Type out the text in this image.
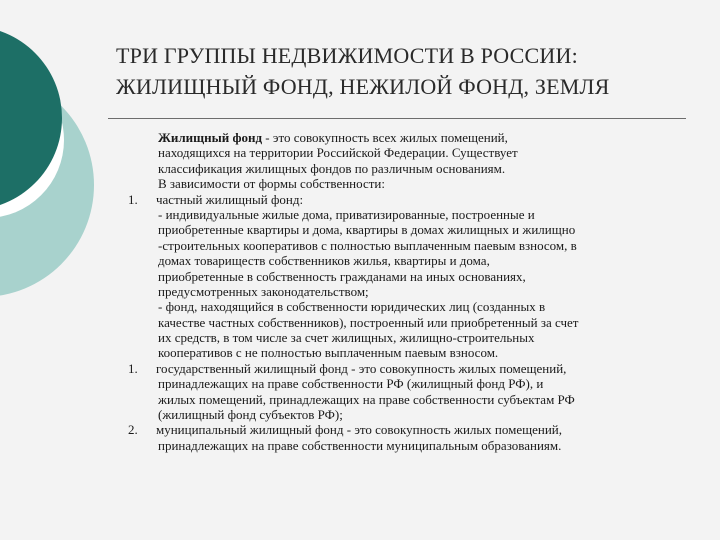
ТРИ ГРУППЫ НЕДВИЖИМОСТИ В РОССИИ:
ЖИЛИЩНЫЙ ФОНД, НЕЖИЛОЙ ФОНД, ЗЕМЛЯ
Жилищный фонд - это совокупность всех жилых помещений,
находящихся на территории Российской Федерации. Существует
классификация жилищных фондов по различным основаниям.
В зависимости от формы собственности:
1.	частный жилищный фонд:
- индивидуальные жилые дома, приватизированные, построенные и
приобретенные квартиры и дома, квартиры в домах жилищных и жилищно
-строительных кооперативов с полностью выплаченным паевым взносом, в
домах товариществ собственников жилья, квартиры и дома,
приобретенные в собственность гражданами на иных основаниях,
предусмотренных законодательством;
- фонд, находящийся в собственности юридических лиц (созданных в
качестве частных собственников), построенный или приобретенный за счет
их средств, в том числе за счет жилищных, жилищно-строительных
кооперативов с не полностью выплаченным паевым взносом.
1.	государственный жилищный фонд - это совокупность жилых помещений,
принадлежащих на праве собственности РФ (жилищный фонд РФ), и
жилых помещений, принадлежащих на праве собственности субъектам РФ
(жилищный фонд субъектов РФ);
2.	муниципальный жилищный фонд - это совокупность жилых помещений,
принадлежащих на праве собственности муниципальным образованиям.
